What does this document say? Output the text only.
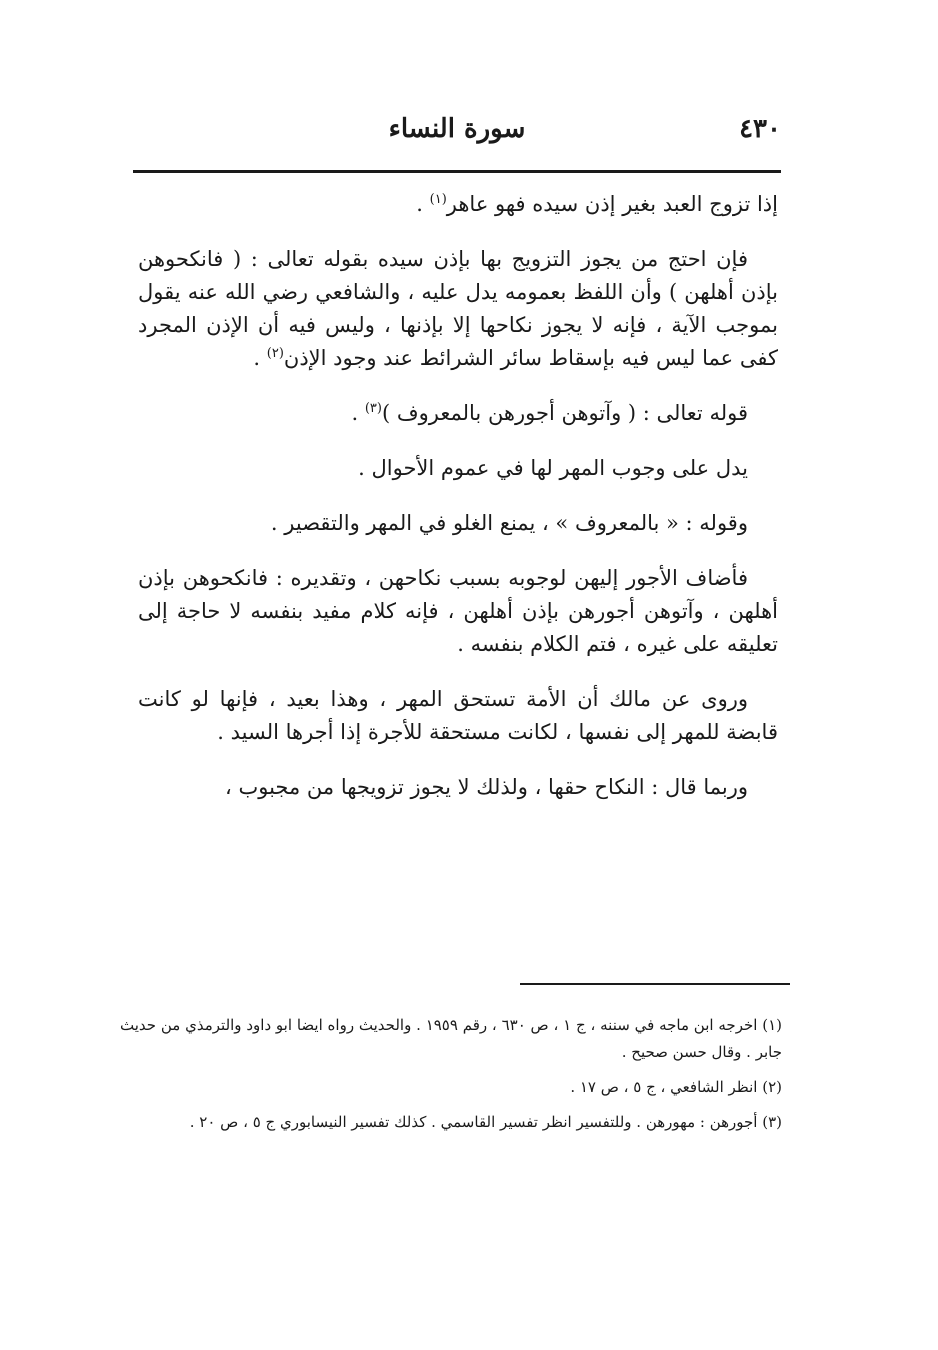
٤٣٠
سورة النساء

إذا تزوج العبد بغير إذن سيده فهو عاهر$^{(١)}$ .

فإن احتج من يجوز التزويج بها بإذن سيده بقوله تعالى : ( فانكحوهن بإذن أهلهن ) وأن اللفظ بعمومه يدل عليه ، والشافعي رضي الله عنه يقول بموجب الآية ، فإنه لا يجوز نكاحها إلا بإذنها ، وليس فيه أن الإذن المجرد كفى عما ليس فيه بإسقاط سائر الشرائط عند وجود الإذن$^{(٢)}$ .

قوله تعالى : ( وآتوهن أجورهن بالمعروف )$^{(٣)}$ .

يدل على وجوب المهر لها في عموم الأحوال .

وقوله : « بالمعروف » ، يمنع الغلو في المهر والتقصير .

فأضاف الأجور إليهن لوجوبه بسبب نكاحهن ، وتقديره : فانكحوهن بإذن أهلهن ، وآتوهن أجورهن بإذن أهلهن ، فإنه كلام مفيد بنفسه لا حاجة إلى تعليقه على غيره ، فتم الكلام بنفسه .

وروى عن مالك أن الأمة تستحق المهر ، وهذا بعيد ، فإنها لو كانت قابضة للمهر إلى نفسها ، لكانت مستحقة للأجرة إذا أجرها السيد .

وربما قال : النكاح حقها ، ولذلك لا يجوز تزويجها من مجبوب ،

(١) اخرجه ابن ماجه في سننه ، ج ١ ، ص ٦٣٠ ، رقم ١٩٥٩ . والحديث رواه ايضا ابو داود والترمذي من حديث جابر . وقال حسن صحيح .
(٢) انظر الشافعي ، ج ٥ ، ص ١٧ .
(٣) أجورهن : مهورهن . وللتفسير انظر تفسير القاسمي . كذلك تفسير النيسابوري ج ٥ ، ص ٢٠ .
